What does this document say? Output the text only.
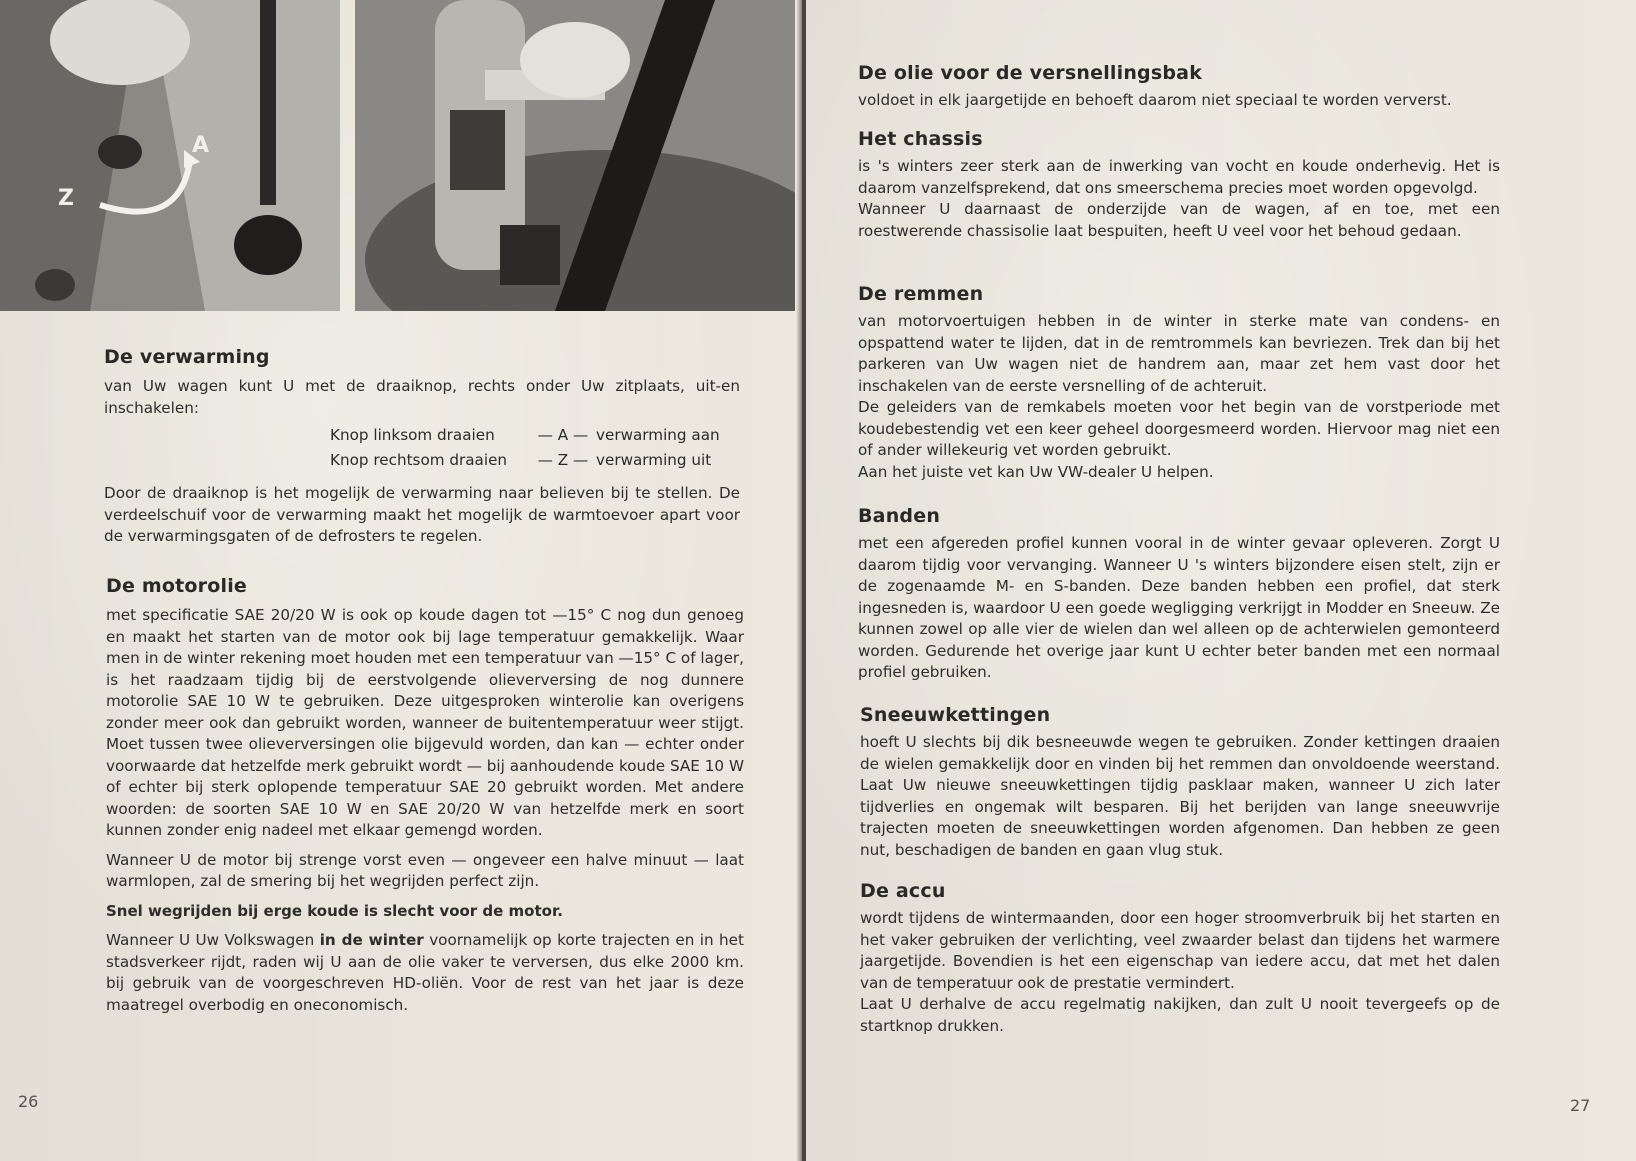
A
Z
De verwarming

van Uw wagen kunt U met de draaiknop, rechts onder Uw zitplaats, uit-en inschakelen:

Knop linksom draaien	— A — verwarming aan
Knop rechtsom draaien	— Z — verwarming uit

Door de draaiknop is het mogelijk de verwarming naar believen bij te stellen. De verdeelschuif voor de verwarming maakt het mogelijk de warmtoevoer apart voor de verwarmingsgaten of de defrosters te regelen.

De motorolie

met specificatie SAE 20/20 W is ook op koude dagen tot —15° C nog dun genoeg en maakt het starten van de motor ook bij lage temperatuur gemakkelijk. Waar men in de winter rekening moet houden met een temperatuur van —15° C of lager, is het raadzaam tijdig bij de eerstvolgende olieverversing de nog dunnere motorolie SAE 10 W te gebruiken. Deze uitgesproken winterolie kan overigens zonder meer ook dan gebruikt worden, wanneer de buitentemperatuur weer stijgt. Moet tussen twee olieverversingen olie bijgevuld worden, dan kan — echter onder voorwaarde dat hetzelfde merk gebruikt wordt — bij aanhoudende koude SAE 10 W of echter bij sterk oplopende temperatuur SAE 20 gebruikt worden. Met andere woorden: de soorten SAE 10 W en SAE 20/20 W van hetzelfde merk en soort kunnen zonder enig nadeel met elkaar gemengd worden.

Wanneer U de motor bij strenge vorst even — ongeveer een halve minuut — laat warmlopen, zal de smering bij het wegrijden perfect zijn.

Snel wegrijden bij erge koude is slecht voor de motor.

Wanneer U Uw Volkswagen in de winter voornamelijk op korte trajecten en in het stadsverkeer rijdt, raden wij U aan de olie vaker te verversen, dus elke 2000 km. bij gebruik van de voorgeschreven HD-oliën. Voor de rest van het jaar is deze maatregel overbodig en oneconomisch.

26
De olie voor de versnellingsbak

voldoet in elk jaargetijde en behoeft daarom niet speciaal te worden ververst.

Het chassis

is 's winters zeer sterk aan de inwerking van vocht en koude onderhevig. Het is daarom vanzelfsprekend, dat ons smeerschema precies moet worden opgevolgd.

Wanneer U daarnaast de onderzijde van de wagen, af en toe, met een roestwerende chassisolie laat bespuiten, heeft U veel voor het behoud gedaan.

De remmen

van motorvoertuigen hebben in de winter in sterke mate van condens- en opspattend water te lijden, dat in de remtrommels kan bevriezen. Trek dan bij het parkeren van Uw wagen niet de handrem aan, maar zet hem vast door het inschakelen van de eerste versnelling of de achteruit.

De geleiders van de remkabels moeten voor het begin van de vorstperiode met koudebestendig vet een keer geheel doorgesmeerd worden. Hiervoor mag niet een of ander willekeurig vet worden gebruikt.

Aan het juiste vet kan Uw VW-dealer U helpen.

Banden

met een afgereden profiel kunnen vooral in de winter gevaar opleveren. Zorgt U daarom tijdig voor vervanging. Wanneer U 's winters bijzondere eisen stelt, zijn er de zogenaamde M- en S-banden. Deze banden hebben een profiel, dat sterk ingesneden is, waardoor U een goede wegligging verkrijgt in Modder en Sneeuw. Ze kunnen zowel op alle vier de wielen dan wel alleen op de achterwielen gemonteerd worden. Gedurende het overige jaar kunt U echter beter banden met een normaal profiel gebruiken.

Sneeuwkettingen

hoeft U slechts bij dik besneeuwde wegen te gebruiken. Zonder kettingen draaien de wielen gemakkelijk door en vinden bij het remmen dan onvoldoende weerstand. Laat Uw nieuwe sneeuwkettingen tijdig pasklaar maken, wanneer U zich later tijdverlies en ongemak wilt besparen. Bij het berijden van lange sneeuwvrije trajecten moeten de sneeuwkettingen worden afgenomen. Dan hebben ze geen nut, beschadigen de banden en gaan vlug stuk.

De accu

wordt tijdens de wintermaanden, door een hoger stroomverbruik bij het starten en het vaker gebruiken der verlichting, veel zwaarder belast dan tijdens het warmere jaargetijde. Bovendien is het een eigenschap van iedere accu, dat met het dalen van de temperatuur ook de prestatie vermindert.

Laat U derhalve de accu regelmatig nakijken, dan zult U nooit tevergeefs op de startknop drukken.

27
